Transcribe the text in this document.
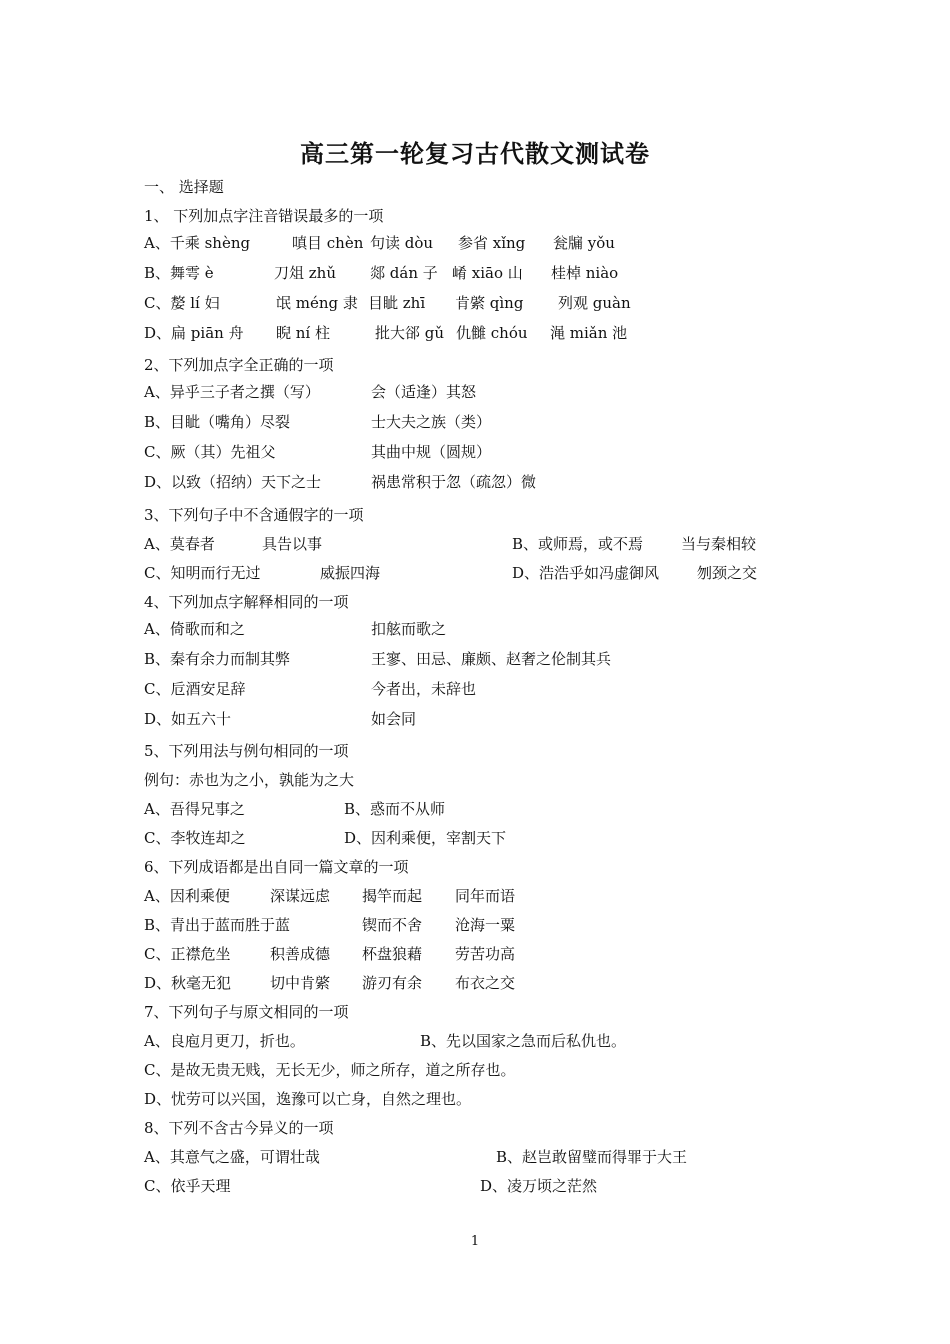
高三第一轮复习古代散文测试卷
一、 选择题
1、 下列加点字注音错误最多的一项
A、千乘 shèng	嗔目 chèn 句读 dòu 参省 xǐng 瓮牖 yǒu
B、舞雩 è	刀俎 zhǔ 郯 dán 子 崤 xiāo 山 桂棹 niào
C、嫠 lí 妇	氓 méng 隶 目眦 zhī 肯綮 qìng 列观 guàn
D、扁 piān 舟 睨 ní 柱	批大郤 gǔ 仇雠 chóu 渑 miǎn 池
2、下列加点字全正确的一项
A、异乎三子者之撰（写）	会（适逢）其怒
B、目眦（嘴角）尽裂	士大夫之族（类）
C、厥（其）先祖父	其曲中规（圆规）
D、以致（招纳）天下之士	祸患常积于忽（疏忽）微
3、下列句子中不含通假字的一项
A、莫春者	具告以事	B、或师焉，或不焉	当与秦相较
C、知明而行无过	威振四海	D、浩浩乎如冯虚御风	刎颈之交
4、下列加点字解释相同的一项
A、倚歌而和之	扣舷而歌之
B、秦有余力而制其弊	王寥、田忌、廉颇、赵奢之伦制其兵
C、卮酒安足辞	今者出，未辞也
D、如五六十	如会同
5、下列用法与例句相同的一项
例句：赤也为之小，孰能为之大
A、吾得兄事之	B、惑而不从师
C、李牧连却之	D、因利乘便，宰割天下
6、下列成语都是出自同一篇文章的一项
A、因利乘便	深谋远虑 揭竿而起 同年而语
B、青出于蓝而胜于蓝	锲而不舍 沧海一粟
C、正襟危坐	积善成德 杯盘狼藉 劳苦功高
D、秋毫无犯	切中肯綮 游刃有余 布衣之交
7、下列句子与原文相同的一项
A、良庖月更刀，折也。	B、先以国家之急而后私仇也。
C、是故无贵无贱，无长无少，师之所存，道之所存也。
D、忧劳可以兴国，逸豫可以亡身，自然之理也。
8、下列不含古今异义的一项
A、其意气之盛，可谓壮哉	B、赵岂敢留璧而得罪于大王
C、依乎天理	D、凌万顷之茫然
1
